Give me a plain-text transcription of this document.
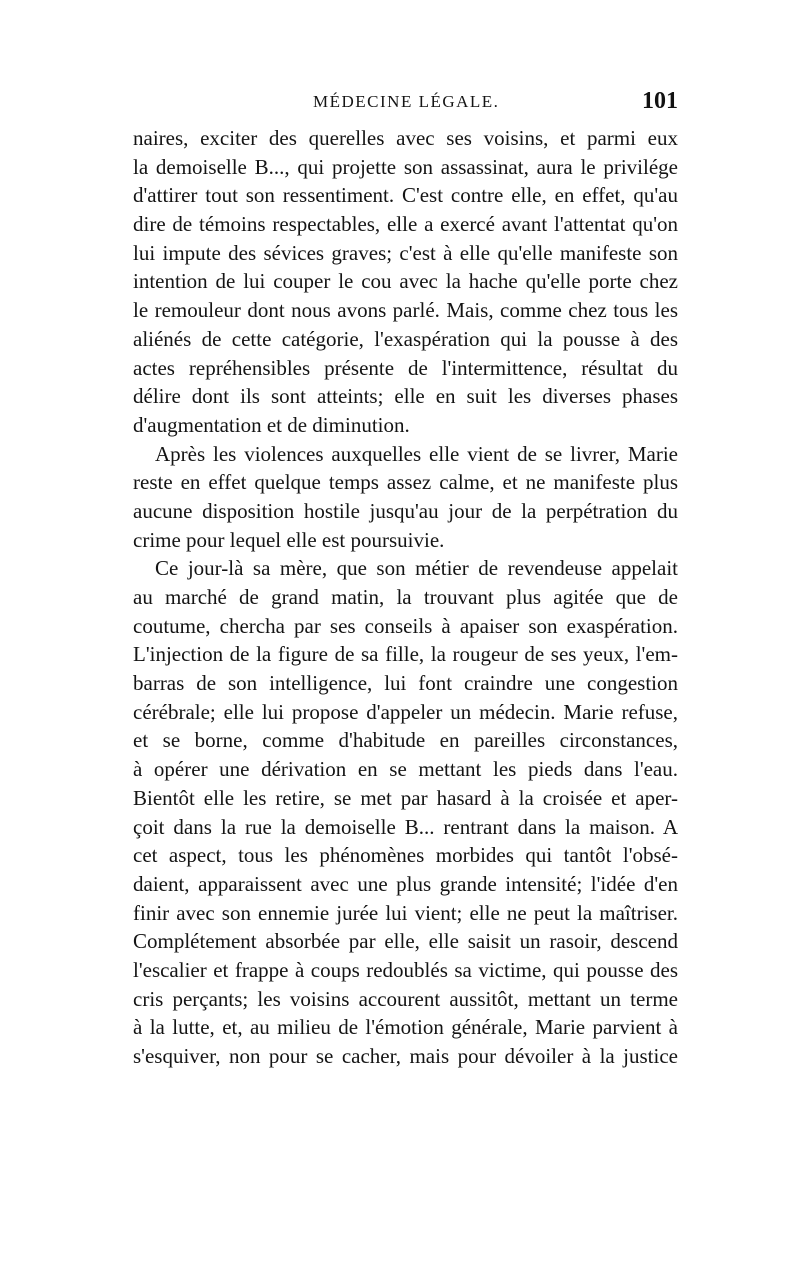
MÉDECINE LÉGALE.	101
naires, exciter des querelles avec ses voisins, et parmi eux
la demoiselle B..., qui projette son assassinat, aura le privilége
d'attirer tout son ressentiment. C'est contre elle, en effet, qu'au
dire de témoins respectables, elle a exercé avant l'attentat qu'on
lui impute des sévices graves; c'est à elle qu'elle manifeste son
intention de lui couper le cou avec la hache qu'elle porte chez
le remouleur dont nous avons parlé. Mais, comme chez tous les
aliénés de cette catégorie, l'exaspération qui la pousse à des
actes repréhensibles présente de l'intermittence, résultat du
délire dont ils sont atteints; elle en suit les diverses phases
d'augmentation et de diminution.
Après les violences auxquelles elle vient de se livrer, Marie
reste en effet quelque temps assez calme, et ne manifeste plus
aucune disposition hostile jusqu'au jour de la perpétration du
crime pour lequel elle est poursuivie.
Ce jour-là sa mère, que son métier de revendeuse appelait
au marché de grand matin, la trouvant plus agitée que de
coutume, chercha par ses conseils à apaiser son exaspération.
L'injection de la figure de sa fille, la rougeur de ses yeux, l'em-
barras de son intelligence, lui font craindre une congestion
cérébrale; elle lui propose d'appeler un médecin. Marie refuse,
et se borne, comme d'habitude en pareilles circonstances,
à opérer une dérivation en se mettant les pieds dans l'eau.
Bientôt elle les retire, se met par hasard à la croisée et aper-
çoit dans la rue la demoiselle B... rentrant dans la maison. A
cet aspect, tous les phénomènes morbides qui tantôt l'obsé-
daient, apparaissent avec une plus grande intensité; l'idée d'en
finir avec son ennemie jurée lui vient; elle ne peut la maîtriser.
Complétement absorbée par elle, elle saisit un rasoir, descend
l'escalier et frappe à coups redoublés sa victime, qui pousse des
cris perçants; les voisins accourent aussitôt, mettant un terme
à la lutte, et, au milieu de l'émotion générale, Marie parvient à
s'esquiver, non pour se cacher, mais pour dévoiler à la justice
